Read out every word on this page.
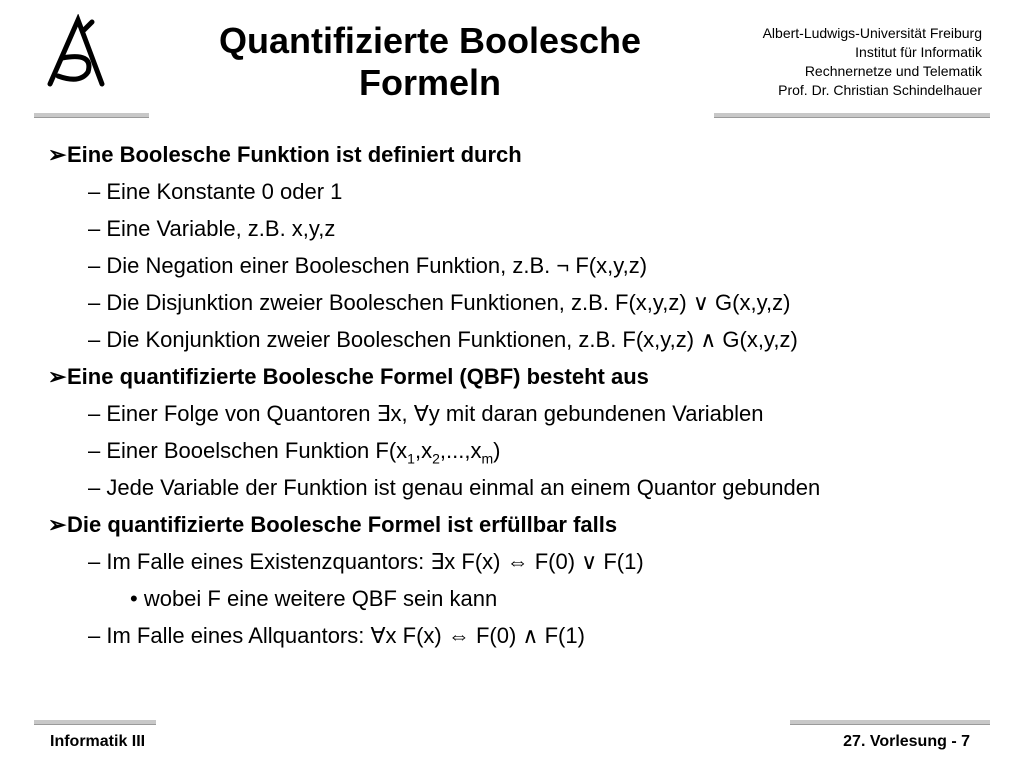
Quantifizierte Boolesche
Formeln
Albert-Ludwigs-Universität Freiburg
Institut für Informatik
Rechnernetze und Telematik
Prof. Dr. Christian Schindelhauer
➢Eine Boolesche Funktion ist definiert durch
– Eine Konstante 0 oder 1
– Eine Variable, z.B. x,y,z
– Die Negation einer Booleschen Funktion, z.B. ¬ F(x,y,z)
– Die Disjunktion zweier Booleschen Funktionen, z.B. F(x,y,z) ∨ G(x,y,z)
– Die Konjunktion zweier Booleschen Funktionen, z.B. F(x,y,z) ∧ G(x,y,z)
➢Eine quantifizierte Boolesche Formel (QBF) besteht aus
– Einer Folge von Quantoren ∃x, ∀y mit daran gebundenen Variablen
– Einer Booelschen Funktion $F(x_1,x_2,...,x_m)$
– Jede Variable der Funktion ist genau einmal an einem Quantor gebunden
➢Die quantifizierte Boolesche Formel ist erfüllbar falls
– Im Falle eines Existenzquantors: ∃x F(x) ⇔ F(0) ∨ F(1)
• wobei F eine weitere QBF sein kann
– Im Falle eines Allquantors: ∀x F(x) ⇔ F(0) ∧ F(1)
Informatik III	27. Vorlesung - 7
